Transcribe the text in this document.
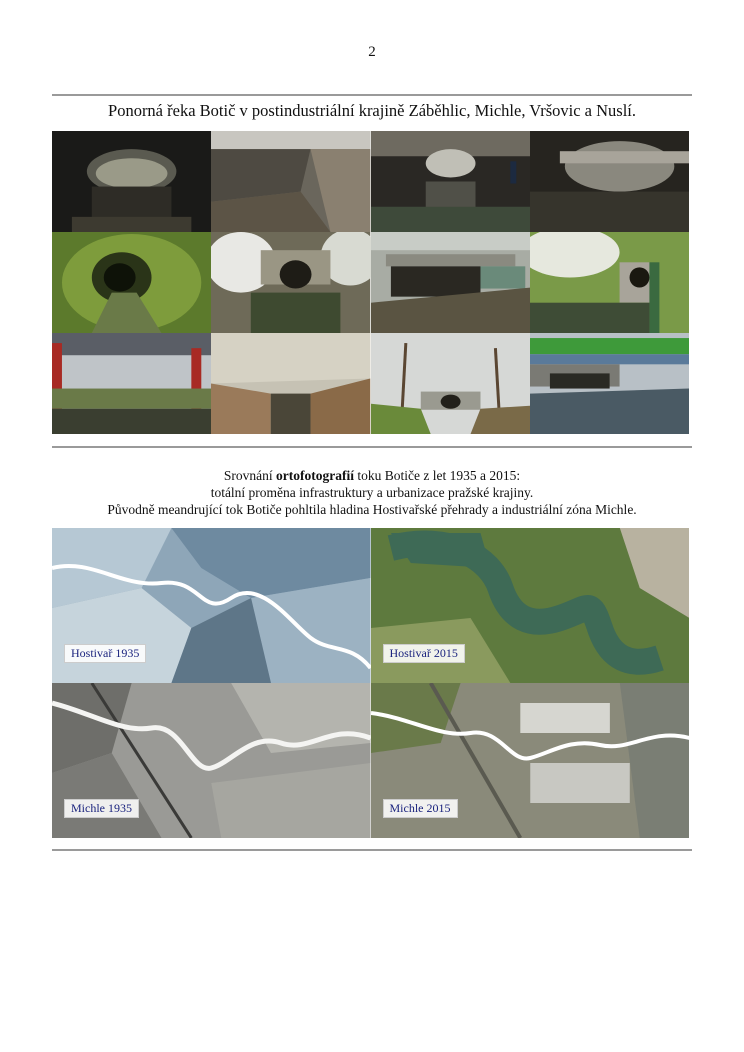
2
Ponorná řeka Botič v postindustriální krajině Záběhlic, Michle, Vršovic a Nuslí.
Srovnání ortofotografií toku Botiče z let 1935 a 2015:
totální proměna infrastruktury a urbanizace pražské krajiny.
Původně meandrující tok Botiče pohltila hladina Hostivařské přehrady a industriální zóna Michle.
Hostivař 1935	Hostivař 2015
Michle 1935	Michle 2015
